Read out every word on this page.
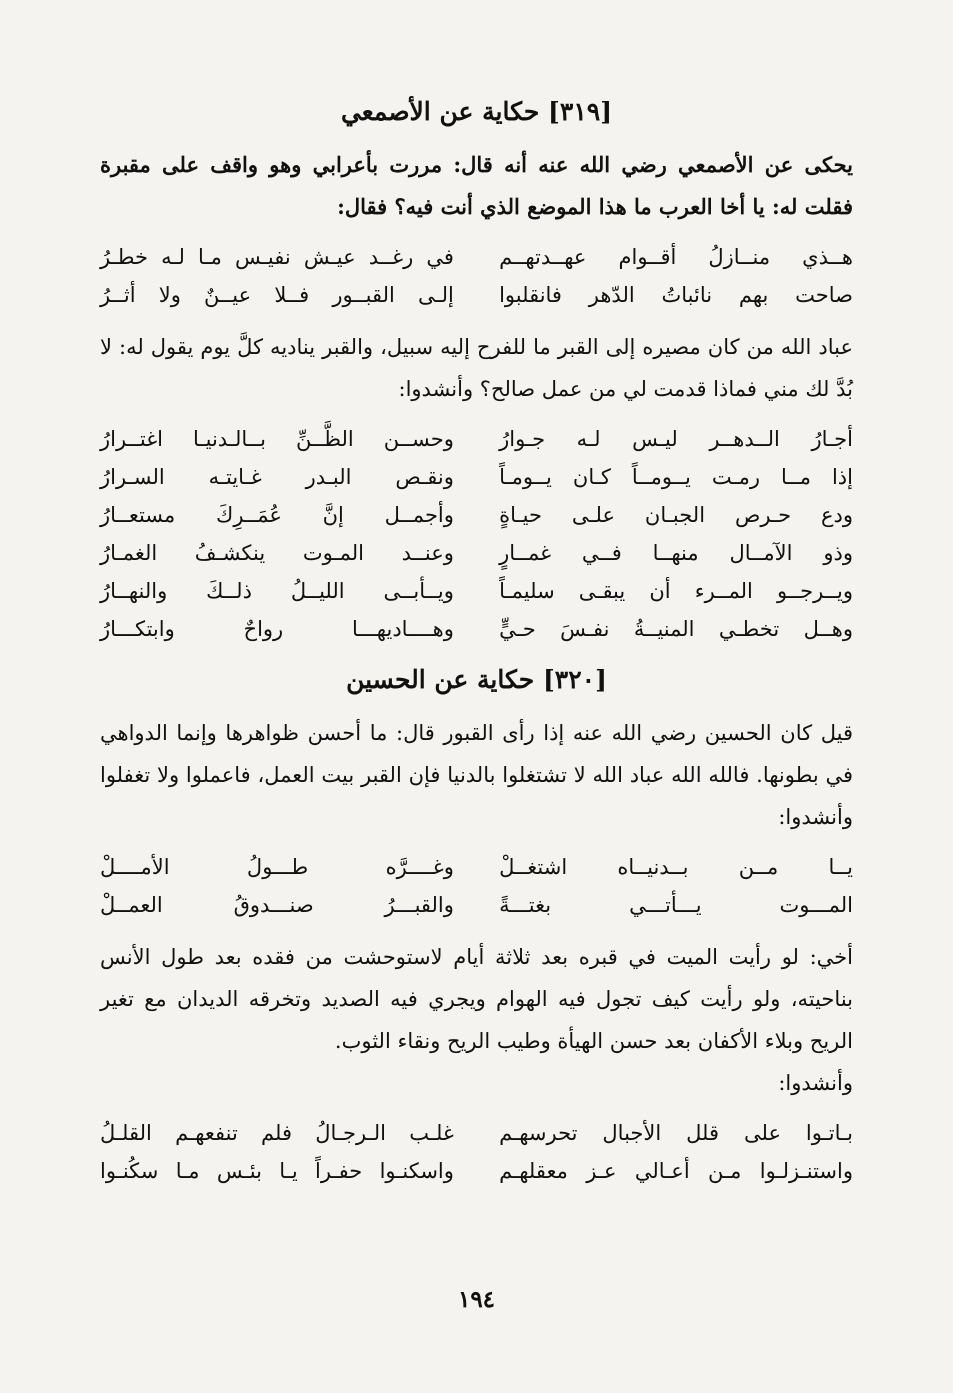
[٣١٩] حكاية عن الأصمعي

يحكى عن الأصمعي رضي الله عنه أنه قال: مررت بأعرابي وهو واقف على مقبرة فقلت له: يا أخا العرب ما هذا الموضع الذي أنت فيه؟ فقال:

هــذي منــازلُ أقــوام عهــدتهــم
في رغــد عيـش نفيـس مـا لـه خطـرُ
صاحت بهم نائباتُ الدّهر فانقلبوا
إلـى القبــور فــلا عيــنٌ ولا أثــرُ

عباد الله من كان مصيره إلى القبر ما للفرح إليه سبيل، والقبر يناديه كلَّ يوم يقول له: لا بُدَّ لك مني فماذا قدمت لي من عمل صالح؟ وأنشدوا:

أجـارُ الــدهــر ليـس لـه جـوارُ
وحســن الظَّــنِّ بــالـدنيـا اغتــرارُ
إذا مــا رمـت يــومــاً كـان يــومـاً
ونقـص البـدر غـايتـه السـرارُ
ودع حـرص الجبـان علـى حيـاةٍ
وأجمــل إنَّ عُمَــرِكَ مستعــارُ
وذو الآمــال منهــا فــي غمــارٍ
وعنــد المـوت ينكشـفُ الغمـارُ
ويــرجــو المــرء أن يبقـى سليمـاً
ويــأبــى الليــلُ ذلــكَ والنهــارُ
وهــل تخطـي المنيــةُ نفـسَ حـيٍّ
وهــــاديهـــا رواحٌ وابتكـــارُ
[٣٢٠] حكاية عن الحسين

قيل كان الحسين رضي الله عنه إذا رأى القبور قال: ما أحسن ظواهرها وإنما الدواهي في بطونها. فالله الله عباد الله لا تشتغلوا بالدنيا فإن القبر بيت العمل، فاعملوا ولا تغفلوا وأنشدوا:

يــا مــن بــدنيــاه اشتغــلْ
وغــــرَّه طـــولُ الأمــــلْ
المـــوت يـــأتـــي بغتـــةً
والقبـــرُ صنـــدوقُ العمــلْ

أخي: لو رأيت الميت في قبره بعد ثلاثة أيام لاستوحشت من فقده بعد طول الأنس بناحيته، ولو رأيت كيف تجول فيه الهوام ويجري فيه الصديد وتخرقه الديدان مع تغير الريح وبلاء الأكفان بعد حسن الهيأة وطيب الريح ونقاء الثوب.

وأنشدوا:

بـاتـوا على قلل الأجبال تحرسهـم
غلـب الـرجـالُ فلم تنفعهـم القلـلُ
واستنـزلـوا مـن أعـالي عـز معقلهـم
واسكنـوا حفـراً يـا بئـس مـا سكُنـوا
١٩٤
